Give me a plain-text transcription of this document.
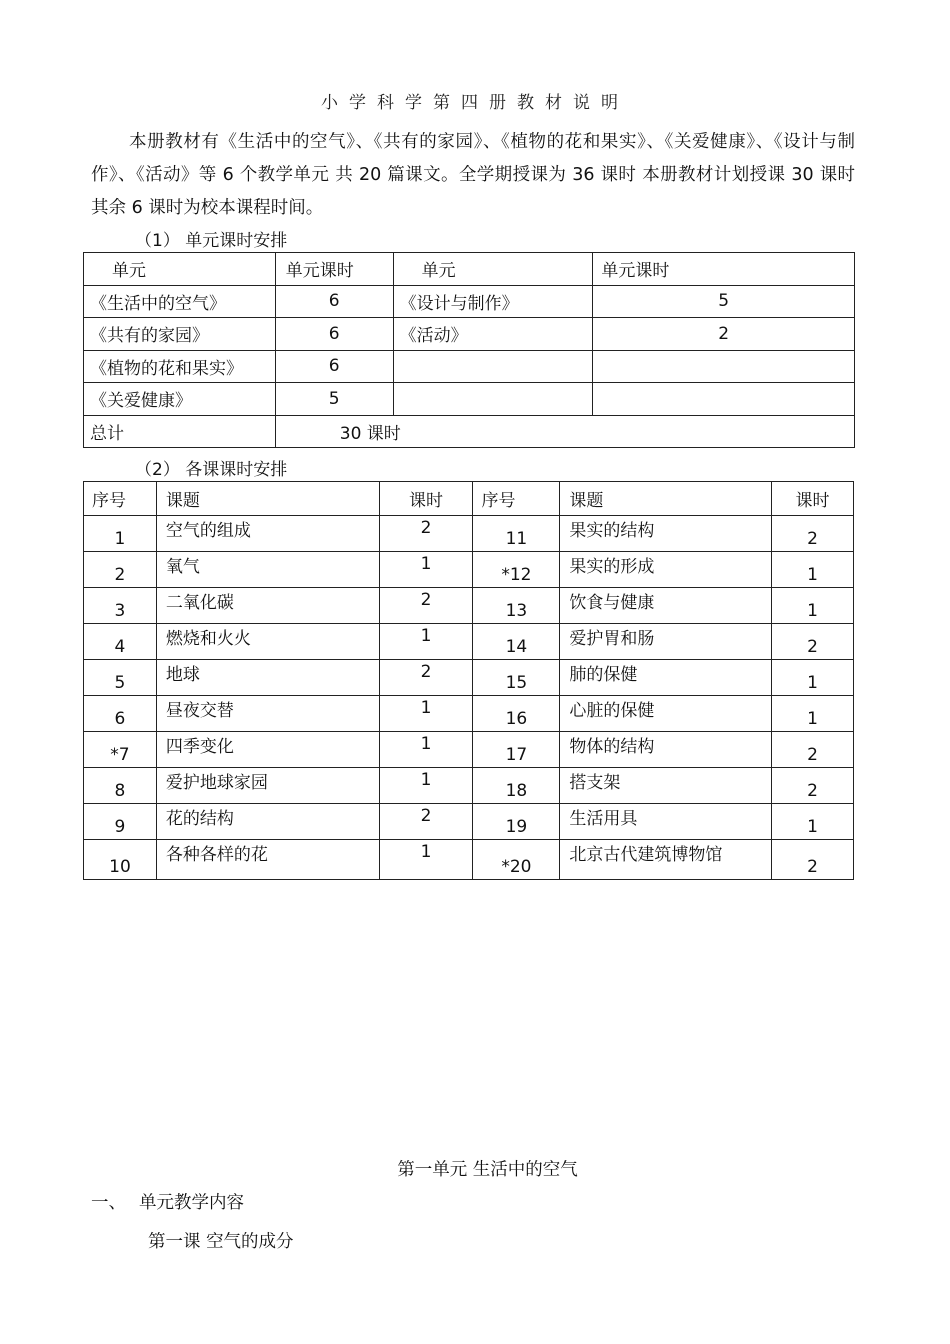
小学科学第四册教材说明
本册教材有《生活中的空气》、《共有的家园》、《植物的花和果实》、《关爱健康》、《设计与制作》、《活动》等 6 个教学单元 共 20 篇课文。全学期授课为 36 课时 本册教材计划授课 30 课时 其余 6 课时为校本课程时间。
（1） 单元课时安排
单元	单元课时	单元	单元课时
《生活中的空气》	6	《设计与制作》	5
《共有的家园》	6	《活动》	2
《植物的花和果实》	6		
《关爱健康》	5		
总计	30 课时		
（2） 各课课时安排
序号	课题	课时	序号	课题	课时
1	空气的组成	2	11	果实的结构	2
2	氧气	1	*12	果实的形成	1
3	二氧化碳	2	13	饮食与健康	1
4	燃烧和火火	1	14	爱护胃和肠	2
5	地球	2	15	肺的保健	1
6	昼夜交替	1	16	心脏的保健	1
*7	四季变化	1	17	物体的结构	2
8	爱护地球家园	1	18	搭支架	2
9	花的结构	2	19	生活用具	1
10	各种各样的花	1	*20	北京古代建筑博物馆	2
第一单元 生活中的空气
一、 单元教学内容
第一课 空气的成分
